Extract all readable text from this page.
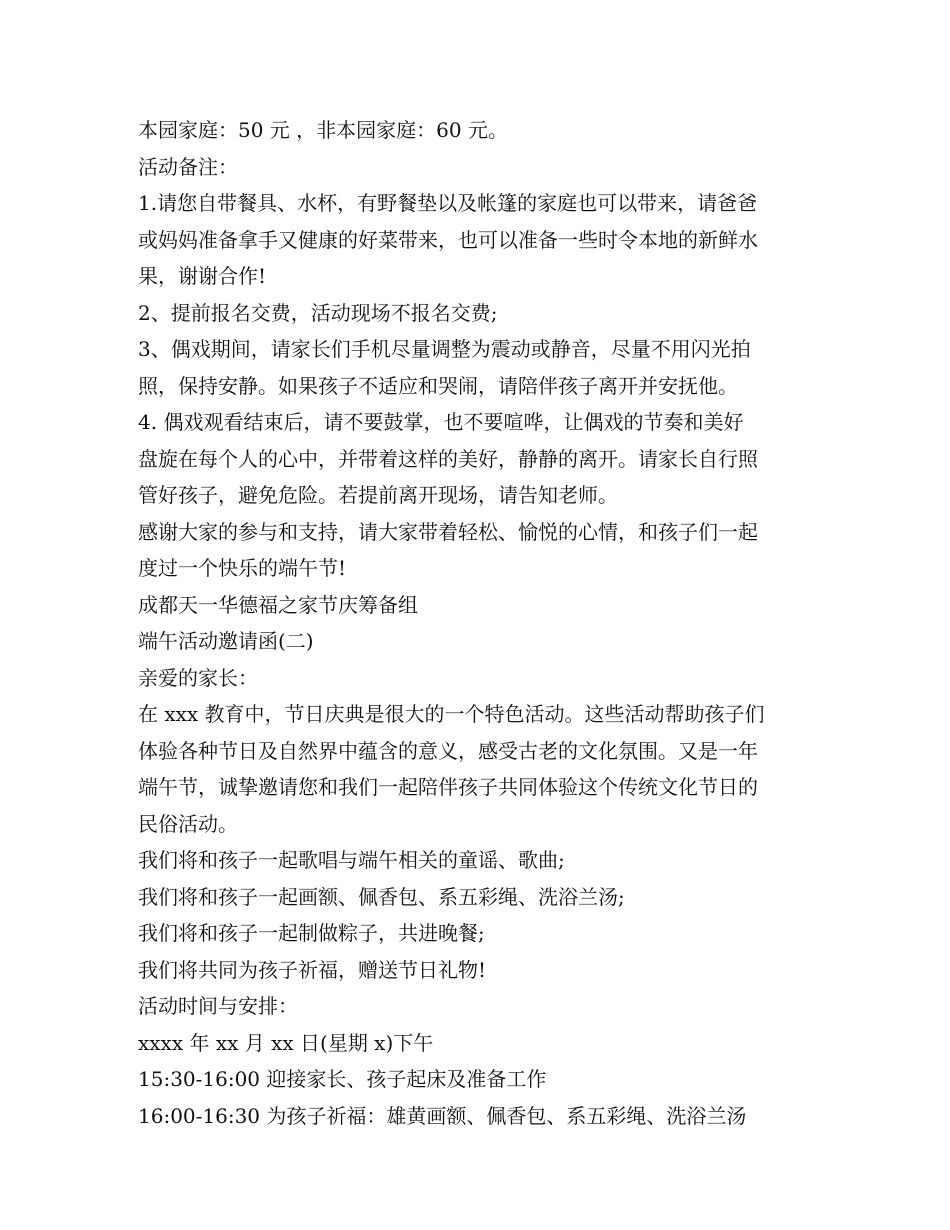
本园家庭：50 元 ，非本园家庭：60 元。
活动备注：
1.请您自带餐具、水杯，有野餐垫以及帐篷的家庭也可以带来，请爸爸
或妈妈准备拿手又健康的好菜带来，也可以准备一些时令本地的新鲜水
果，谢谢合作!
2、提前报名交费，活动现场不报名交费;
3、偶戏期间，请家长们手机尽量调整为震动或静音，尽量不用闪光拍
照，保持安静。如果孩子不适应和哭闹，请陪伴孩子离开并安抚他。
4. 偶戏观看结束后，请不要鼓掌，也不要喧哗，让偶戏的节奏和美好
盘旋在每个人的心中，并带着这样的美好，静静的离开。请家长自行照
管好孩子，避免危险。若提前离开现场，请告知老师。
感谢大家的参与和支持，请大家带着轻松、愉悦的心情，和孩子们一起
度过一个快乐的端午节!
成都天一华德福之家节庆筹备组
端午活动邀请函(二)
亲爱的家长：
在 xxx 教育中，节日庆典是很大的一个特色活动。这些活动帮助孩子们
体验各种节日及自然界中蕴含的意义，感受古老的文化氛围。又是一年
端午节，诚挚邀请您和我们一起陪伴孩子共同体验这个传统文化节日的
民俗活动。
我们将和孩子一起歌唱与端午相关的童谣、歌曲;
我们将和孩子一起画额、佩香包、系五彩绳、洗浴兰汤;
我们将和孩子一起制做粽子，共进晚餐;
我们将共同为孩子祈福，赠送节日礼物!
活动时间与安排：
xxxx 年 xx 月 xx 日(星期 x)下午
15:30-16:00 迎接家长、孩子起床及准备工作
16:00-16:30 为孩子祈福：雄黄画额、佩香包、系五彩绳、洗浴兰汤
